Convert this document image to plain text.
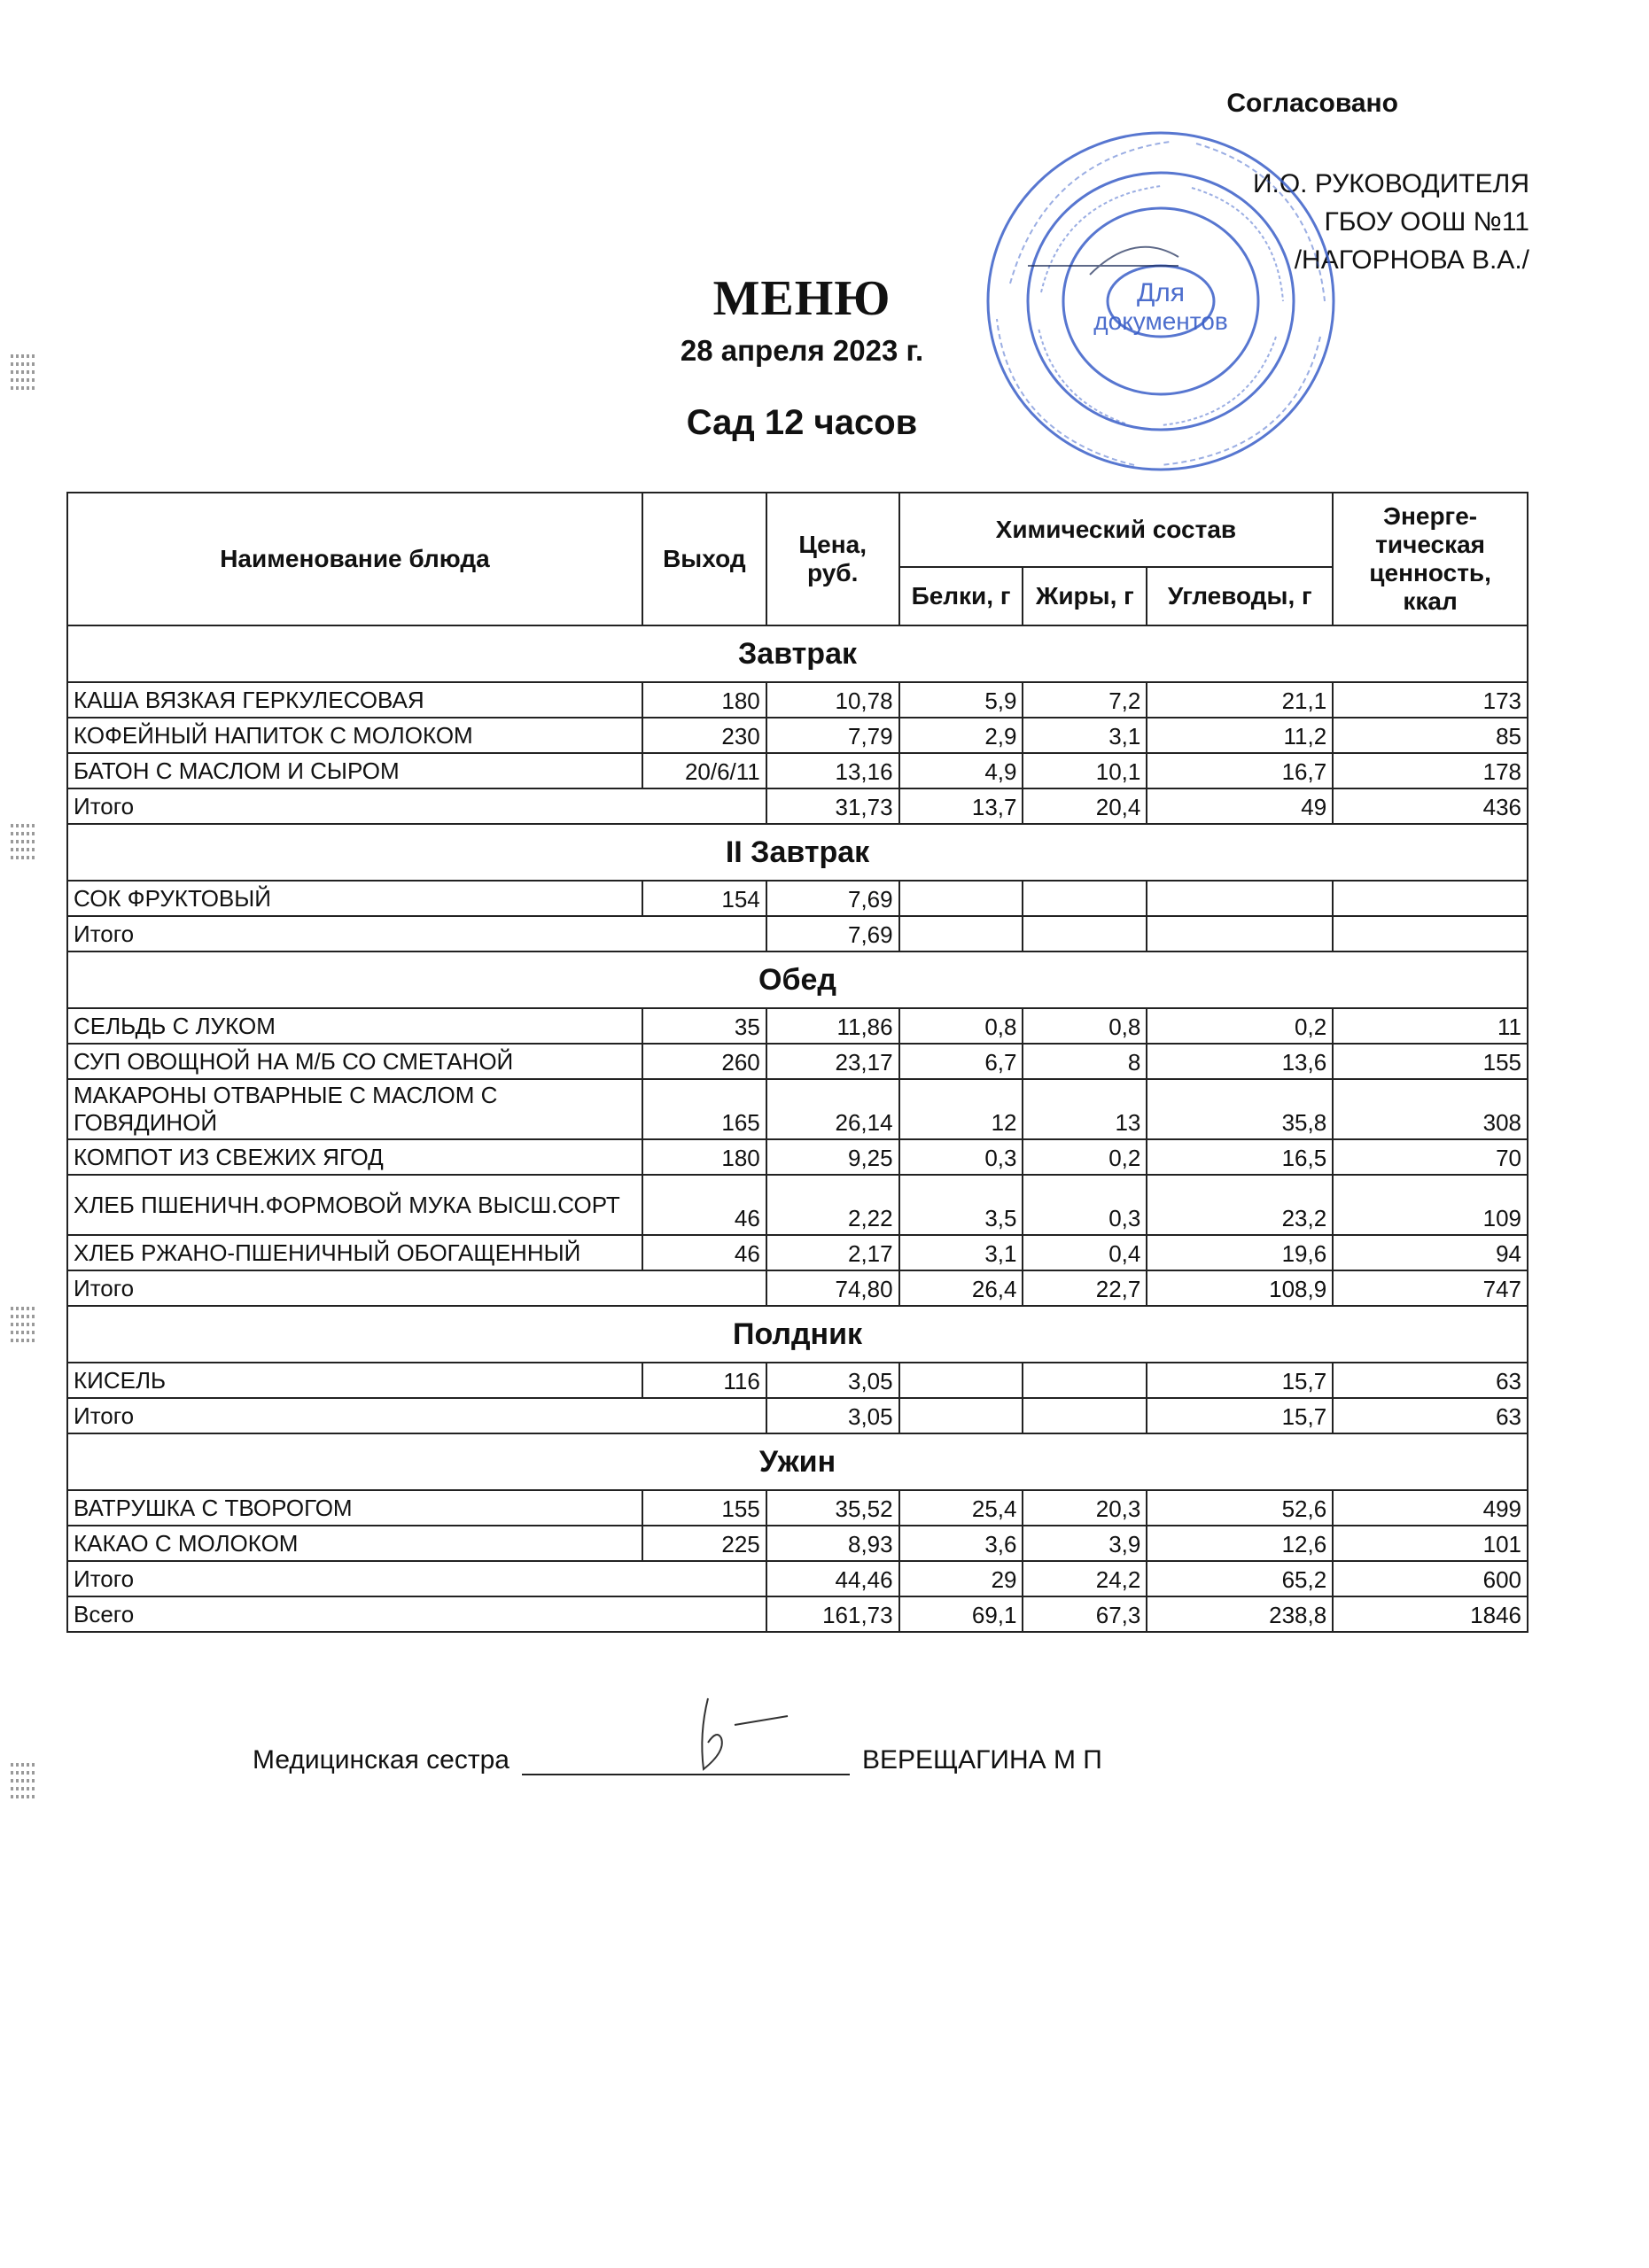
Согласовано
И.О. РУКОВОДИТЕЛЯ
ГБОУ ООШ №11
/НАГОРНОВА В.А./
Для
документов
МЕНЮ
28 апреля 2023 г.
Сад 12 часов
Наименование блюда	Выход	Цена, руб.	Химический состав			Энерге-тическая ценность, ккал
			Белки, г	Жиры, г	Углеводы, г	
Завтрак						
КАША ВЯЗКАЯ ГЕРКУЛЕСОВАЯ	180	10,78	5,9	7,2	21,1	173
КОФЕЙНЫЙ НАПИТОК С МОЛОКОМ	230	7,79	2,9	3,1	11,2	85
БАТОН С МАСЛОМ И СЫРОМ	20/6/11	13,16	4,9	10,1	16,7	178
Итого		31,73	13,7	20,4	49	436
II Завтрак						
СОК ФРУКТОВЫЙ	154	7,69				
Итого		7,69				
Обед						
СЕЛЬДЬ С ЛУКОМ	35	11,86	0,8	0,8	0,2	11
СУП ОВОЩНОЙ НА М/Б СО СМЕТАНОЙ	260	23,17	6,7	8	13,6	155
МАКАРОНЫ ОТВАРНЫЕ С МАСЛОМ С ГОВЯДИНОЙ	165	26,14	12	13	35,8	308
КОМПОТ ИЗ СВЕЖИХ ЯГОД	180	9,25	0,3	0,2	16,5	70
ХЛЕБ ПШЕНИЧН.ФОРМОВОЙ МУКА ВЫСШ.СОРТ	46	2,22	3,5	0,3	23,2	109
ХЛЕБ РЖАНО-ПШЕНИЧНЫЙ ОБОГАЩЕННЫЙ	46	2,17	3,1	0,4	19,6	94
Итого		74,80	26,4	22,7	108,9	747
Полдник						
КИСЕЛЬ	116	3,05			15,7	63
Итого		3,05			15,7	63
Ужин						
ВАТРУШКА С ТВОРОГОМ	155	35,52	25,4	20,3	52,6	499
КАКАО С МОЛОКОМ	225	8,93	3,6	3,9	12,6	101
Итого		44,46	29	24,2	65,2	600
Всего		161,73	69,1	67,3	238,8	1846
Медицинская сестра	ВЕРЕЩАГИНА М П
